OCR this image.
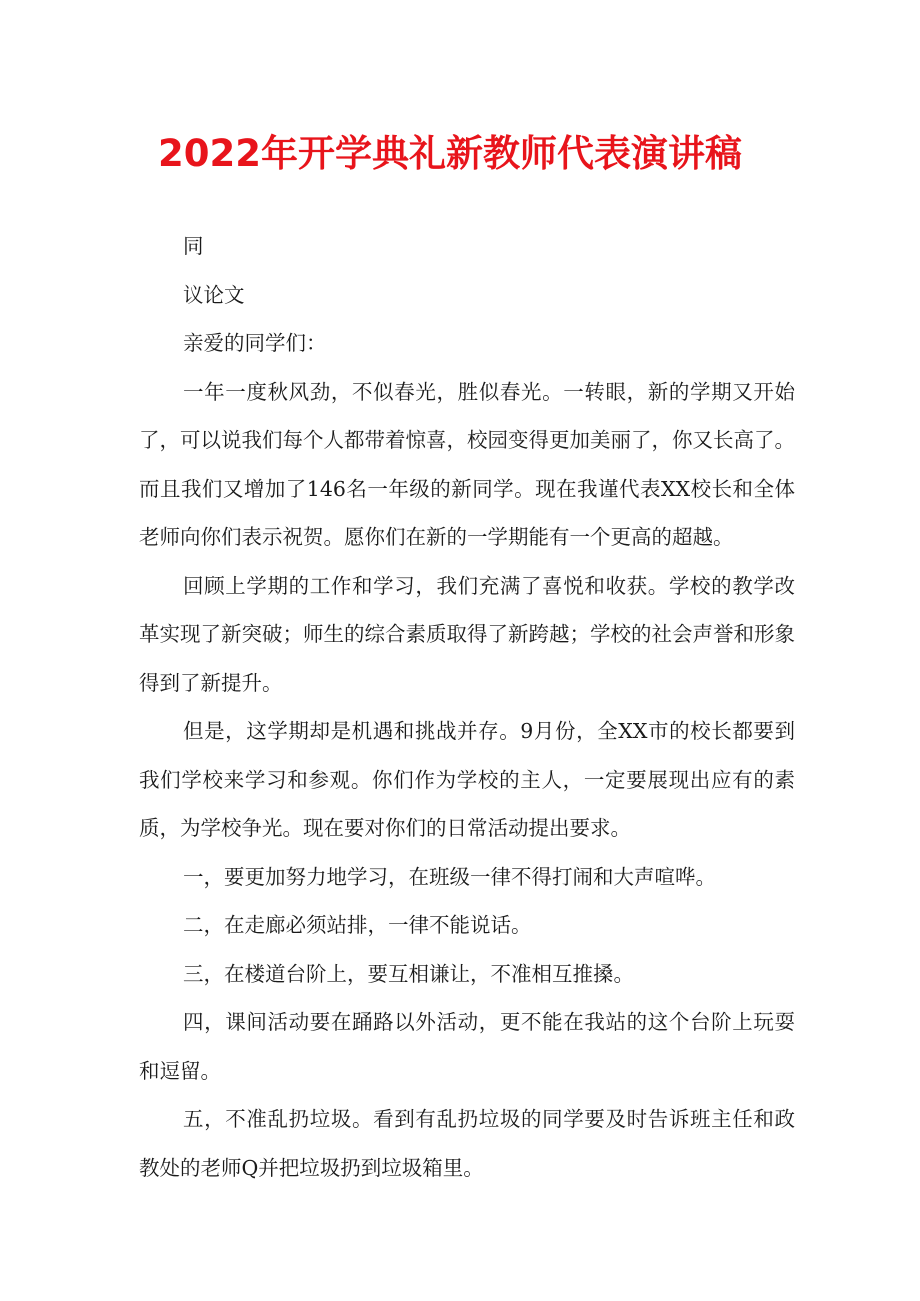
2022年开学典礼新教师代表演讲稿

同

议论文

亲爱的同学们：

一年一度秋风劲，不似春光，胜似春光。一转眼，新的学期又开始了，可以说我们每个人都带着惊喜，校园变得更加美丽了，你又长高了。而且我们又增加了146名一年级的新同学。现在我谨代表XX校长和全体老师向你们表示祝贺。愿你们在新的一学期能有一个更高的超越。

回顾上学期的工作和学习，我们充满了喜悦和收获。学校的教学改革实现了新突破；师生的综合素质取得了新跨越；学校的社会声誉和形象得到了新提升。

但是，这学期却是机遇和挑战并存。9月份，全XX市的校长都要到我们学校来学习和参观。你们作为学校的主人，一定要展现出应有的素质，为学校争光。现在要对你们的日常活动提出要求。

一，要更加努力地学习，在班级一律不得打闹和大声喧哗。

二，在走廊必须站排，一律不能说话。

三，在楼道台阶上，要互相谦让，不准相互推搡。

四，课间活动要在踊路以外活动，更不能在我站的这个台阶上玩耍和逗留。

五，不准乱扔垃圾。看到有乱扔垃圾的同学要及时告诉班主任和政教处的老师Q并把垃圾扔到垃圾箱里。
